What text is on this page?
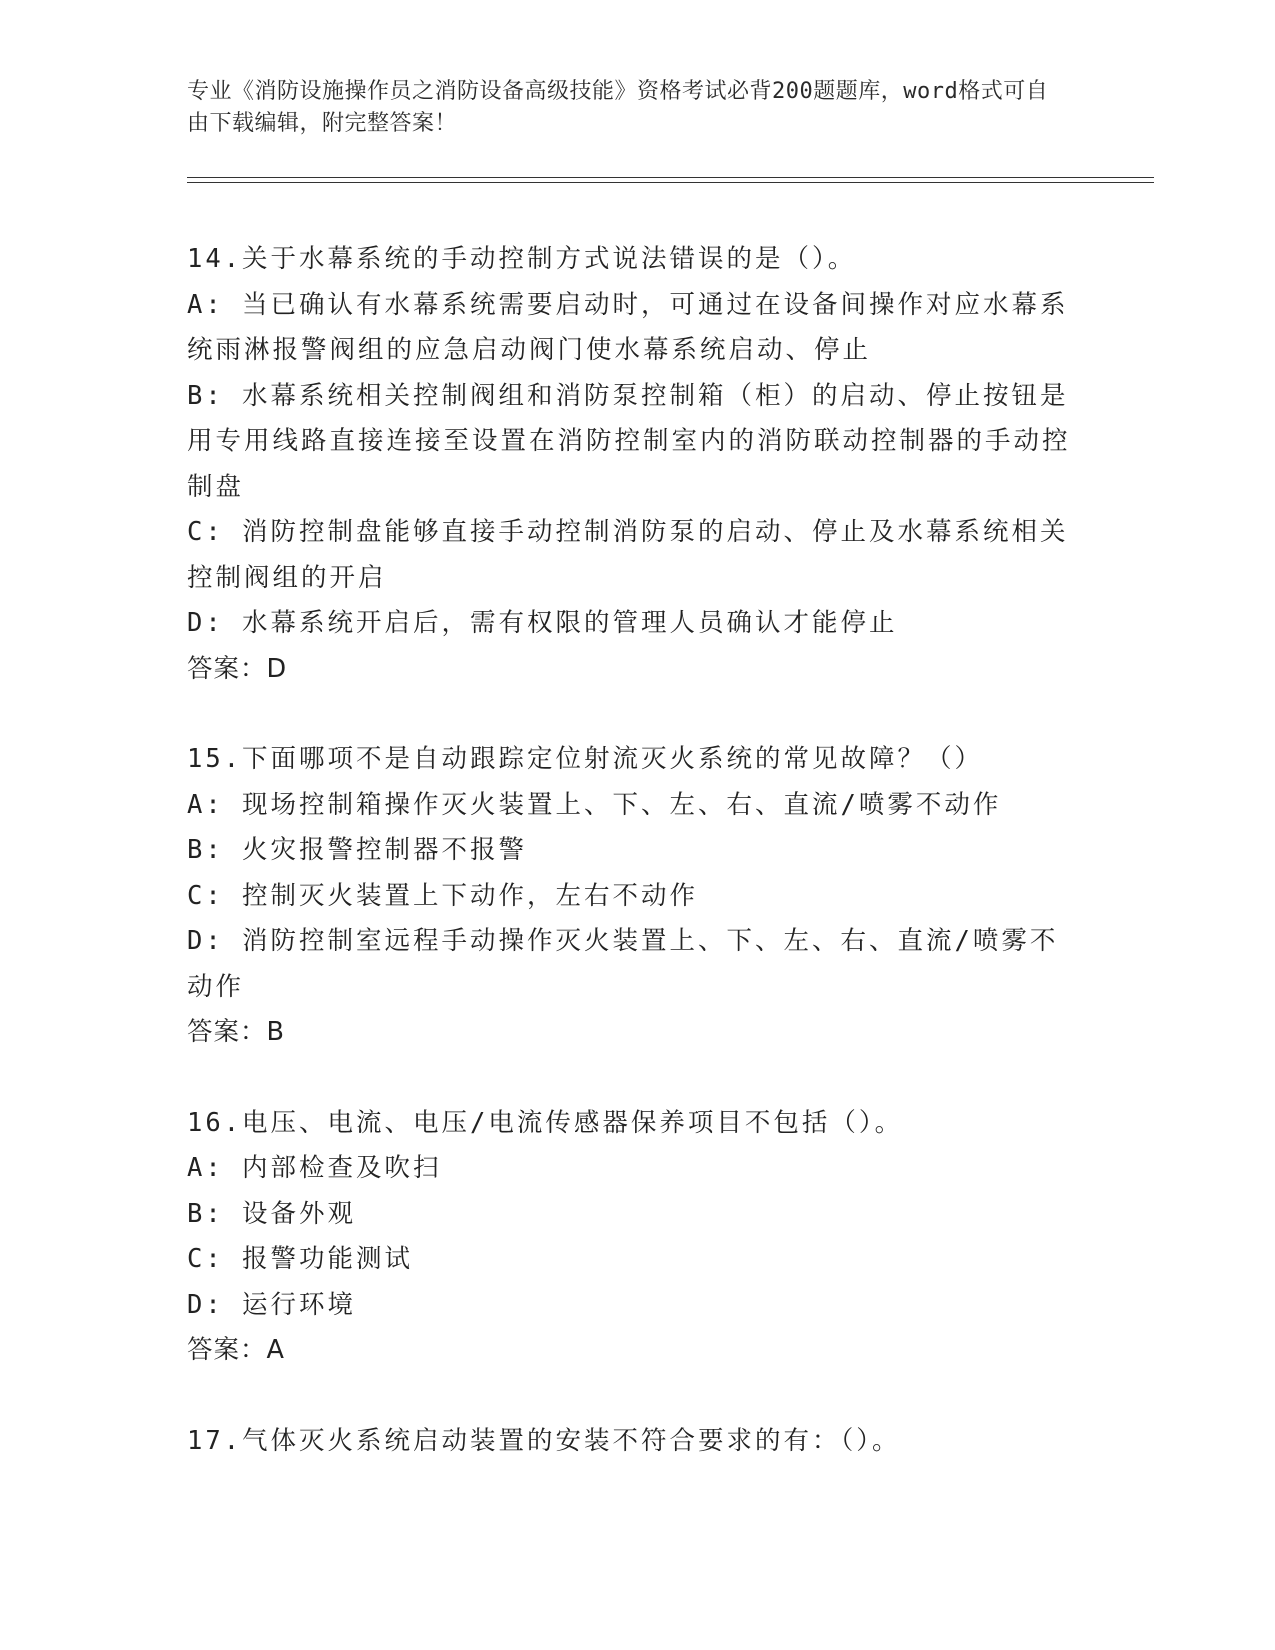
专业《消防设施操作员之消防设备高级技能》资格考试必背200题题库，word格式可自由下载编辑，附完整答案！

14.关于水幕系统的手动控制方式说法错误的是（）。

A: 当已确认有水幕系统需要启动时，可通过在设备间操作对应水幕系统雨淋报警阀组的应急启动阀门使水幕系统启动、停止

B: 水幕系统相关控制阀组和消防泵控制箱（柜）的启动、停止按钮是用专用线路直接连接至设置在消防控制室内的消防联动控制器的手动控制盘

C: 消防控制盘能够直接手动控制消防泵的启动、停止及水幕系统相关控制阀组的开启

D: 水幕系统开启后，需有权限的管理人员确认才能停止

答案：D

15.下面哪项不是自动跟踪定位射流灭火系统的常见故障？（）

A: 现场控制箱操作灭火装置上、下、左、右、直流/喷雾不动作

B: 火灾报警控制器不报警

C: 控制灭火装置上下动作，左右不动作

D: 消防控制室远程手动操作灭火装置上、下、左、右、直流/喷雾不动作

答案：B

16.电压、电流、电压/电流传感器保养项目不包括（）。

A: 内部检查及吹扫

B: 设备外观

C: 报警功能测试

D: 运行环境

答案：A

17.气体灭火系统启动装置的安装不符合要求的有：（）。
